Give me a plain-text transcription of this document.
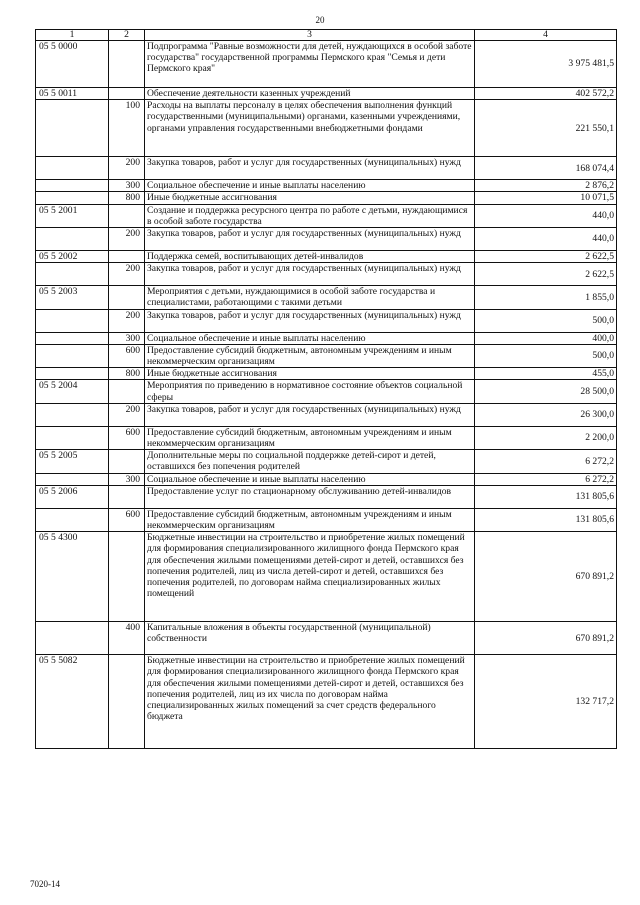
20
1	2	3	4
05 5 0000		Подпрограмма "Равные возможности для детей, нуждающихся в особой заботе государства" государственной программы Пермского края "Семья и дети Пермского края"	3 975 481,5
05 5 0011		Обеспечение деятельности казенных учреждений	402 572,2
	100	Расходы на выплаты персоналу в целях обеспечения выполнения функций государственными (муниципальными) органами, казенными учреждениями, органами управления государственными внебюджетными фондами	221 550,1
	200	Закупка товаров, работ и услуг для государственных (муниципальных) нужд	168 074,4
	300	Социальное обеспечение и иные выплаты населению	2 876,2
	800	Иные бюджетные ассигнования	10 071,5
05 5 2001		Создание и поддержка ресурсного центра по работе с детьми, нуждающимися в особой заботе государства	440,0
	200	Закупка товаров, работ и услуг для государственных (муниципальных) нужд	440,0
05 5 2002		Поддержка семей, воспитывающих детей-инвалидов	2 622,5
	200	Закупка товаров, работ и услуг для государственных (муниципальных) нужд	2 622,5
05 5 2003		Мероприятия с детьми, нуждающимися в особой заботе государства и специалистами, работающими с такими детьми	1 855,0
	200	Закупка товаров, работ и услуг для государственных (муниципальных) нужд	500,0
	300	Социальное обеспечение и иные выплаты населению	400,0
	600	Предоставление субсидий бюджетным, автономным учреждениям и иным некоммерческим организациям	500,0
	800	Иные бюджетные ассигнования	455,0
05 5 2004		Мероприятия по приведению в нормативное состояние объектов социальной сферы	28 500,0
	200	Закупка товаров, работ и услуг для государственных (муниципальных) нужд	26 300,0
	600	Предоставление субсидий бюджетным, автономным учреждениям и иным некоммерческим организациям	2 200,0
05 5 2005		Дополнительные меры по социальной поддержке детей-сирот и детей, оставшихся без попечения родителей	6 272,2
	300	Социальное обеспечение и иные выплаты населению	6 272,2
05 5 2006		Предоставление услуг по стационарному обслуживанию детей-инвалидов	131 805,6
	600	Предоставление субсидий бюджетным, автономным учреждениям и иным некоммерческим организациям	131 805,6
05 5 4300		Бюджетные инвестиции на строительство и приобретение жилых помещений для формирования специализированного жилищного фонда Пермского края для обеспечения жилыми помещениями детей-сирот и детей, оставшихся без попечения родителей, лиц из числа детей-сирот и детей, оставшихся без попечения родителей, по договорам найма специализированных жилых помещений	670 891,2
	400	Капитальные вложения в объекты государственной (муниципальной) собственности	670 891,2
05 5 5082		Бюджетные инвестиции на строительство и приобретение жилых помещений для формирования специализированного жилищного фонда Пермского края для обеспечения жилыми помещениями детей-сирот и детей, оставшихся без попечения родителей, лиц из их числа по договорам найма специализированных жилых помещений за счет средств федерального бюджета	132 717,2
7020-14
